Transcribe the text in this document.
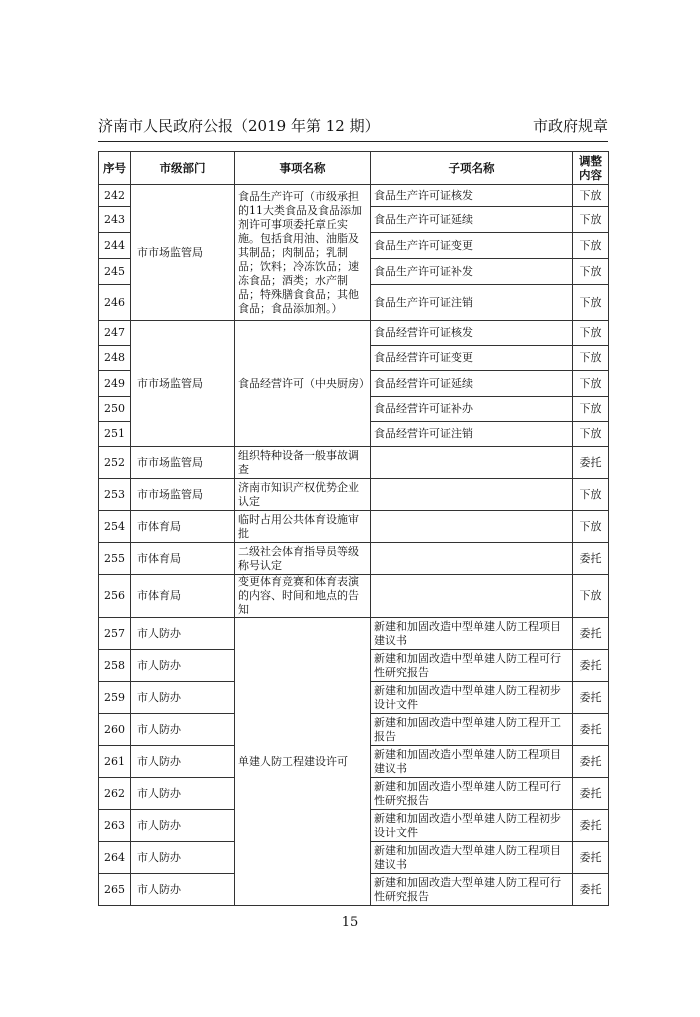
济南市人民政府公报（2019 年第 12 期）	市政府规章
序号	市级部门	事项名称	子项名称	调整内容
242	市市场监管局	食品生产许可（市级承担的11大类食品及食品添加剂许可事项委托章丘实施。包括食用油、油脂及其制品；肉制品；乳制品；饮料；冷冻饮品；速冻食品；酒类；水产制品；特殊膳食食品；其他食品；食品添加剂。）	食品生产许可证核发	下放
243			食品生产许可证延续	下放
244			食品生产许可证变更	下放
245			食品生产许可证补发	下放
246			食品生产许可证注销	下放
247	市市场监管局	食品经营许可（中央厨房）	食品经营许可证核发	下放
248			食品经营许可证变更	下放
249			食品经营许可证延续	下放
250			食品经营许可证补办	下放
251			食品经营许可证注销	下放
252	市市场监管局	组织特种设备一般事故调查		委托
253	市市场监管局	济南市知识产权优势企业认定		下放
254	市体育局	临时占用公共体育设施审批		下放
255	市体育局	二级社会体育指导员等级称号认定		委托
256	市体育局	变更体育竞赛和体育表演的内容、时间和地点的告知		下放
257	市人防办	单建人防工程建设许可	新建和加固改造中型单建人防工程项目建议书	委托
258	市人防办		新建和加固改造中型单建人防工程可行性研究报告	委托
259	市人防办		新建和加固改造中型单建人防工程初步设计文件	委托
260	市人防办		新建和加固改造中型单建人防工程开工报告	委托
261	市人防办		新建和加固改造小型单建人防工程项目建议书	委托
262	市人防办		新建和加固改造小型单建人防工程可行性研究报告	委托
263	市人防办		新建和加固改造小型单建人防工程初步设计文件	委托
264	市人防办		新建和加固改造大型单建人防工程项目建议书	委托
265	市人防办		新建和加固改造大型单建人防工程可行性研究报告	委托
15
